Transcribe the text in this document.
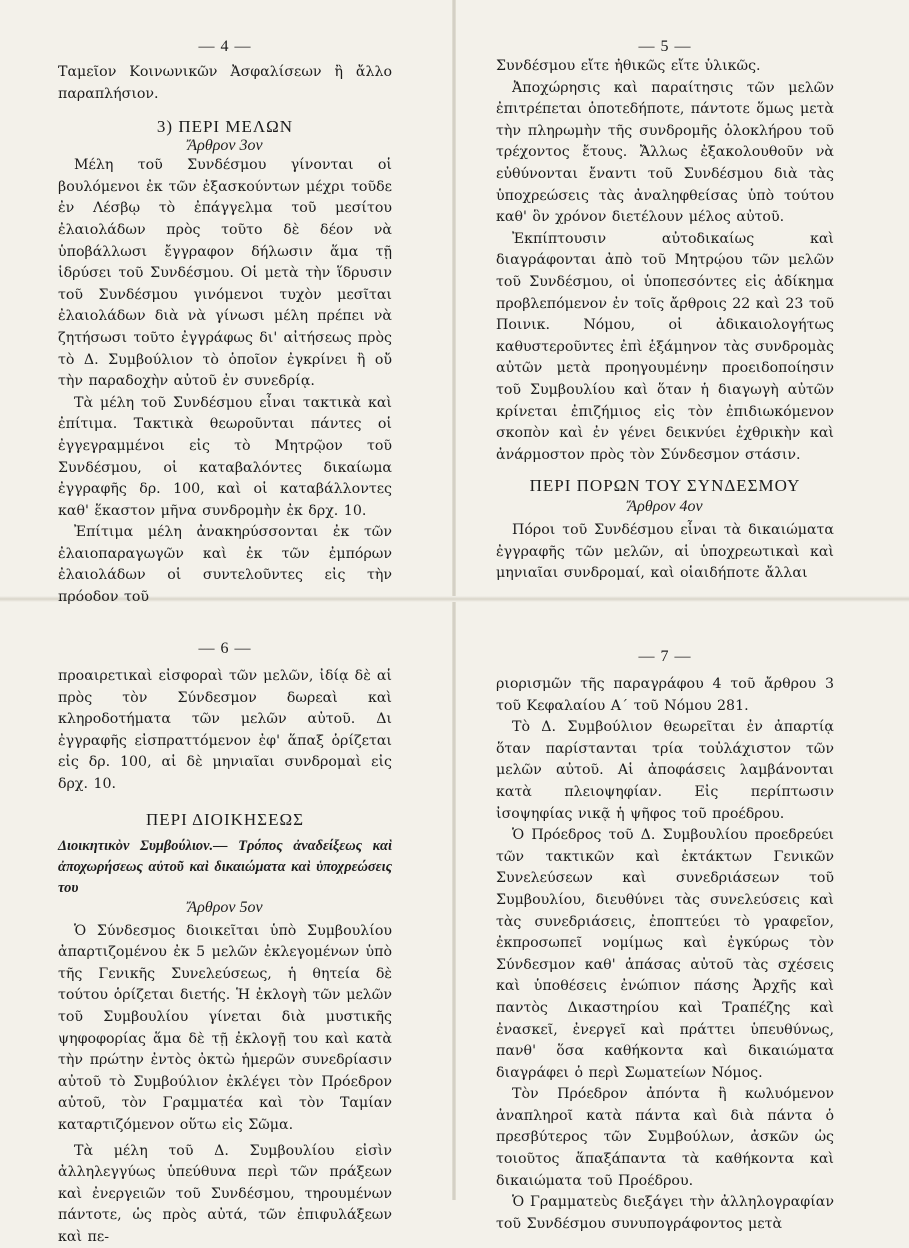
— 4 —

Ταμεῖον Κοινωνικῶν Ἀσφαλίσεων ἢ ἄλλο παραπλήσιον.

3) ΠΕΡΙ ΜΕΛΩΝ
Ἄρθρον 3ον

Μέλη τοῦ Συνδέσμου γίνονται οἱ βουλόμενοι ἐκ τῶν ἐξασκούντων μέχρι τοῦδε ἐν Λέσβῳ τὸ ἐπάγγελμα τοῦ μεσίτου ἐλαιολάδων πρὸς τοῦτο δὲ δέον νὰ ὑποβάλλωσι ἔγγραφον δήλωσιν ἅμα τῇ ἱδρύσει τοῦ Συνδέσμου. Οἱ μετὰ τὴν ἵδρυσιν τοῦ Συνδέσμου γινόμενοι τυχὸν μεσῖται ἐλαιολάδων διὰ νὰ γίνωσι μέλη πρέπει νὰ ζητήσωσι τοῦτο ἐγγράφως δι' αἰτήσεως πρὸς τὸ Δ. Συμβούλιον τὸ ὁποῖον ἐγκρίνει ἢ οὔ τὴν παραδοχὴν αὐτοῦ ἐν συνεδρίᾳ.

Τὰ μέλη τοῦ Συνδέσμου εἶναι τακτικὰ καὶ ἐπίτιμα. Τακτικὰ θεωροῦνται πάντες οἱ ἐγγεγραμμένοι εἰς τὸ Μητρῷον τοῦ Συνδέσμου, οἱ καταβαλόντες δικαίωμα ἐγγραφῆς δρ. 100, καὶ οἱ καταβάλλοντες καθ' ἕκαστον μῆνα συνδρομὴν ἐκ δρχ. 10.

Ἐπίτιμα μέλη ἀνακηρύσσονται ἐκ τῶν ἐλαιοπαραγωγῶν καὶ ἐκ τῶν ἐμπόρων ἐλαιολάδων οἱ συντελοῦντες εἰς τὴν πρόοδον τοῦ

— 5 —

Συνδέσμου εἴτε ἠθικῶς εἴτε ὑλικῶς.

Ἀποχώρησις καὶ παραίτησις τῶν μελῶν ἐπιτρέπεται ὁποτεδήποτε, πάντοτε ὅμως μετὰ τὴν πληρωμὴν τῆς συνδρομῆς ὁλοκλήρου τοῦ τρέχοντος ἔτους. Ἄλλως ἐξακολουθοῦν νὰ εὐθύνονται ἔναντι τοῦ Συνδέσμου διὰ τὰς ὑποχρεώσεις τὰς ἀναληφθείσας ὑπὸ τούτου καθ' ὃν χρόνον διετέλουν μέλος αὐτοῦ.

Ἐκπίπτουσιν αὐτοδικαίως καὶ διαγράφονται ἀπὸ τοῦ Μητρῴου τῶν μελῶν τοῦ Συνδέσμου, οἱ ὑποπεσόντες εἰς ἀδίκημα προβλεπόμενον ἐν τοῖς ἄρθροις 22 καὶ 23 τοῦ Ποινικ. Νόμου, οἱ ἀδικαιολογήτως καθυστεροῦντες ἐπὶ ἑξάμηνον τὰς συνδρομὰς αὐτῶν μετὰ προηγουμένην προειδοποίησιν τοῦ Συμβουλίου καὶ ὅταν ἡ διαγωγὴ αὐτῶν κρίνεται ἐπιζήμιος εἰς τὸν ἐπιδιωκόμενον σκοπὸν καὶ ἐν γένει δεικνύει ἐχθρικὴν καὶ ἀνάρμοστον πρὸς τὸν Σύνδεσμον στάσιν.

ΠΕΡΙ ΠΟΡΩΝ ΤΟΥ ΣΥΝΔΕΣΜΟΥ
Ἄρθρον 4ον

Πόροι τοῦ Συνδέσμου εἶναι τὰ δικαιώματα ἐγγραφῆς τῶν μελῶν, αἱ ὑποχρεωτικαὶ καὶ μηνιαῖαι συνδρομαί, καὶ οἱαιδήποτε ἄλλαι

— 6 —

προαιρετικαὶ εἰσφοραὶ τῶν μελῶν, ἰδίᾳ δὲ αἱ πρὸς τὸν Σύνδεσμον δωρεαὶ καὶ κληροδοτήματα τῶν μελῶν αὐτοῦ. Δι ἐγγραφῆς εἰσπραττόμενον ἐφ' ἅπαξ ὁρίζεται εἰς δρ. 100, αἱ δὲ μηνιαῖαι συνδρομαὶ εἰς δρχ. 10.

ΠΕΡΙ ΔΙΟΙΚΗΣΕΩΣ
Διοικητικὸν Συμβούλιον.— Τρόπος ἀναδείξεως καὶ ἀποχωρήσεως αὐτοῦ καὶ δικαιώματα καὶ ὑποχρεώσεις του
Ἄρθρον 5ον

Ὁ Σύνδεσμος διοικεῖται ὑπὸ Συμβουλίου ἀπαρτιζομένου ἐκ 5 μελῶν ἐκλεγομένων ὑπὸ τῆς Γενικῆς Συνελεύσεως, ἡ θητεία δὲ τούτου ὁρίζεται διετής. Ἡ ἐκλογὴ τῶν μελῶν τοῦ Συμβουλίου γίνεται διὰ μυστικῆς ψηφοφορίας ἅμα δὲ τῇ ἐκλογῇ του καὶ κατὰ τὴν πρώτην ἐντὸς ὀκτὼ ἡμερῶν συνεδρίασιν αὐτοῦ τὸ Συμβούλιον ἐκλέγει τὸν Πρόεδρον αὐτοῦ, τὸν Γραμματέα καὶ τὸν Ταμίαν καταρτιζόμενον οὕτω εἰς Σῶμα.

Τὰ μέλη τοῦ Δ. Συμβουλίου εἰσὶν ἀλληλεγγύως ὑπεύθυνα περὶ τῶν πράξεων καὶ ἐνεργειῶν τοῦ Συνδέσμου, τηρουμένων πάντοτε, ὡς πρὸς αὐτά, τῶν ἐπιφυλάξεων καὶ πε-

— 7 —

ριορισμῶν τῆς παραγράφου 4 τοῦ ἄρθρου 3 τοῦ Κεφαλαίου Α΄ τοῦ Νόμου 281.

Τὸ Δ. Συμβούλιον θεωρεῖται ἐν ἀπαρτίᾳ ὅταν παρίστανται τρία τοὐλάχιστον τῶν μελῶν αὐτοῦ. Αἱ ἀποφάσεις λαμβάνονται κατὰ πλειοψηφίαν. Εἰς περίπτωσιν ἰσοψηφίας νικᾷ ἡ ψῆφος τοῦ προέδρου.

Ὁ Πρόεδρος τοῦ Δ. Συμβουλίου προεδρεύει τῶν τακτικῶν καὶ ἐκτάκτων Γενικῶν Συνελεύσεων καὶ συνεδριάσεων τοῦ Συμβουλίου, διευθύνει τὰς συνελεύσεις καὶ τὰς συνεδριάσεις, ἐποπτεύει τὸ γραφεῖον, ἐκπροσωπεῖ νομίμως καὶ ἐγκύρως τὸν Σύνδεσμον καθ' ἁπάσας αὐτοῦ τὰς σχέσεις καὶ ὑποθέσεις ἐνώπιον πάσης Ἀρχῆς καὶ παντὸς Δικαστηρίου καὶ Τραπέζης καὶ ἐνασκεῖ, ἐνεργεῖ καὶ πράττει ὑπευθύνως, πανθ' ὅσα καθήκοντα καὶ δικαιώματα διαγράφει ὁ περὶ Σωματείων Νόμος.

Τὸν Πρόεδρον ἀπόντα ἢ κωλυόμενον ἀναπληροῖ κατὰ πάντα καὶ διὰ πάντα ὁ πρεσβύτερος τῶν Συμβούλων, ἀσκῶν ὡς τοιοῦτος ἅπαξάπαντα τὰ καθήκοντα καὶ δικαιώματα τοῦ Προέδρου.

Ὁ Γραμματεὺς διεξάγει τὴν ἀλληλογραφίαν τοῦ Συνδέσμου συνυπογράφοντος μετὰ
